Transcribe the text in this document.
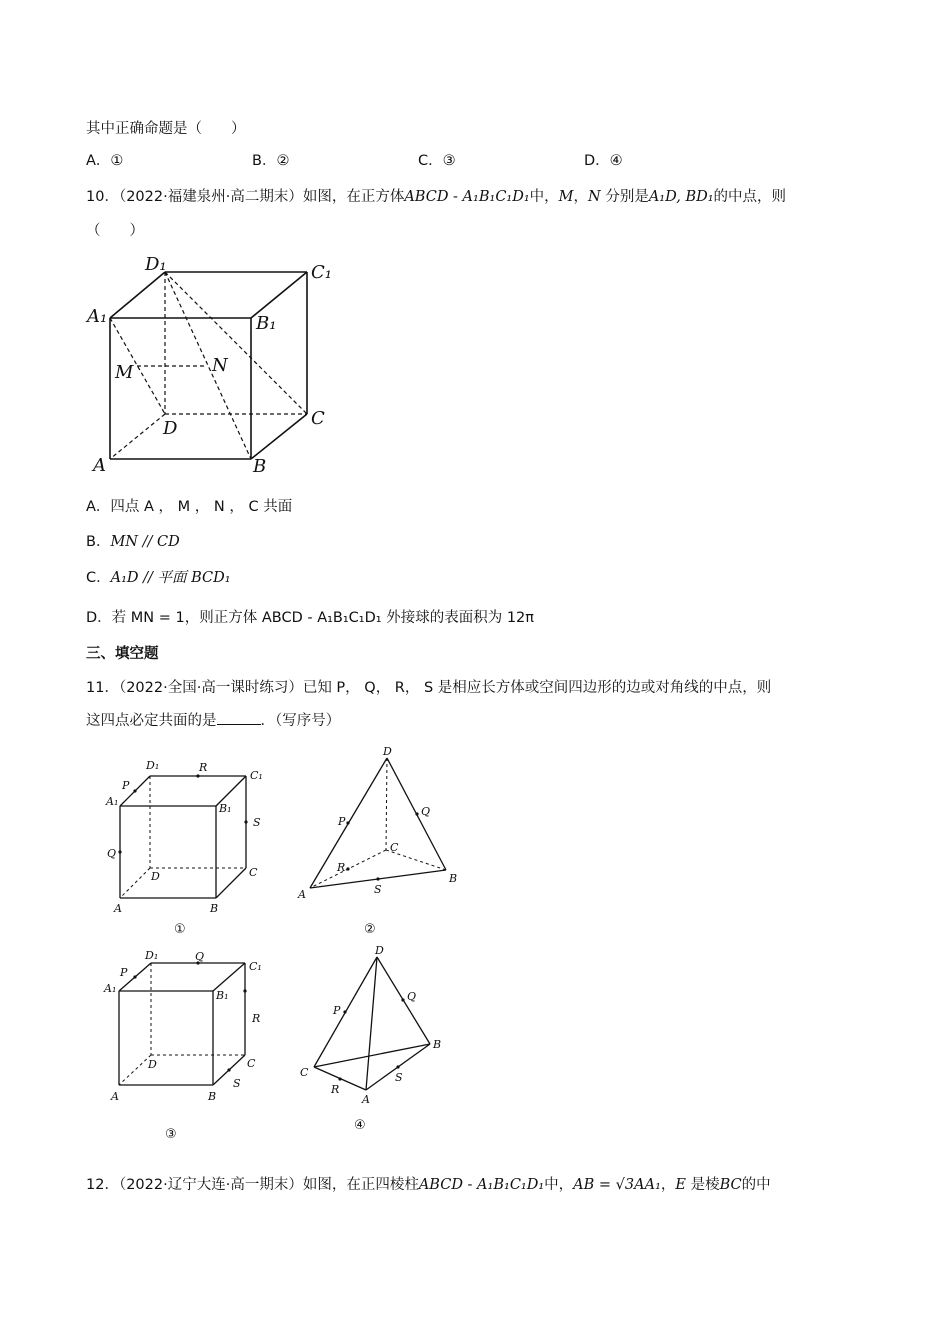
其中正确命题是（　　）
A．①	B．②	C．③	D．④
10．（2022·福建泉州·高二期末）如图，在正方体ABCD - A₁B₁C₁D₁中，M，N 分别是A₁D, BD₁的中点，则
（　　）
D₁	C₁
A₁	B₁
M	N
D	C
A	B
A．四点 A ， M ， N ， C 共面
B．MN // CD
C．A₁D // 平面 BCD₁
D．若 MN = 1，则正方体 ABCD - A₁B₁C₁D₁ 外接球的表面积为 12π
三、填空题
11．（2022·全国·高一课时练习）已知 P， Q， R， S 是相应长方体或空间四边形的边或对角线的中点，则
这四点必定共面的是	．（写序号）
D₁	R
C₁
P
A₁
B₁
S
Q
D	C
A	B
①
D
P
Q
C
R
S
B
A
②
D₁	Q
C₁
P
A₁
B₁
R
D	C
S
A	B
③
D
P
Q
B
C
R
S
A
④
12．（2022·辽宁大连·高一期末）如图，在正四棱柱ABCD - A₁B₁C₁D₁中，AB = √3AA₁，E 是棱BC的中
